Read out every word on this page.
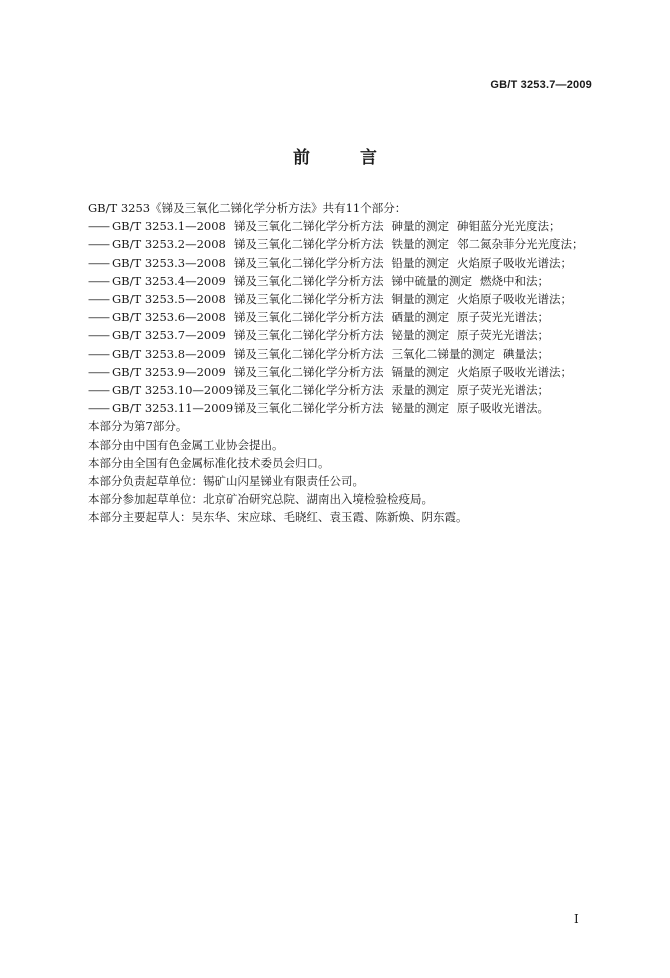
GB/T 3253.7—2009
前 言

GB/T 3253《锑及三氧化二锑化学分析方法》共有11个部分：

—— GB/T 3253.1—2008 锑及三氧化二锑化学分析方法 砷量的测定 砷钼蓝分光光度法；
—— GB/T 3253.2—2008 锑及三氧化二锑化学分析方法 铁量的测定 邻二氮杂菲分光光度法；
—— GB/T 3253.3—2008 锑及三氧化二锑化学分析方法 铅量的测定 火焰原子吸收光谱法；
—— GB/T 3253.4—2009 锑及三氧化二锑化学分析方法 锑中硫量的测定 燃烧中和法；
—— GB/T 3253.5—2008 锑及三氧化二锑化学分析方法 铜量的测定 火焰原子吸收光谱法；
—— GB/T 3253.6—2008 锑及三氧化二锑化学分析方法 硒量的测定 原子荧光光谱法；
—— GB/T 3253.7—2009 锑及三氧化二锑化学分析方法 铋量的测定 原子荧光光谱法；
—— GB/T 3253.8—2009 锑及三氧化二锑化学分析方法 三氧化二锑量的测定 碘量法；
—— GB/T 3253.9—2009 锑及三氧化二锑化学分析方法 镉量的测定 火焰原子吸收光谱法；
—— GB/T 3253.10—2009锑及三氧化二锑化学分析方法 汞量的测定 原子荧光光谱法；
—— GB/T 3253.11—2009锑及三氧化二锑化学分析方法 铋量的测定 原子吸收光谱法。

本部分为第7部分。

本部分由中国有色金属工业协会提出。

本部分由全国有色金属标准化技术委员会归口。

本部分负责起草单位：锡矿山闪星锑业有限责任公司。

本部分参加起草单位：北京矿冶研究总院、湖南出入境检验检疫局。

本部分主要起草人：吴东华、宋应球、毛晓红、袁玉霞、陈新焕、阴东霞。

I
